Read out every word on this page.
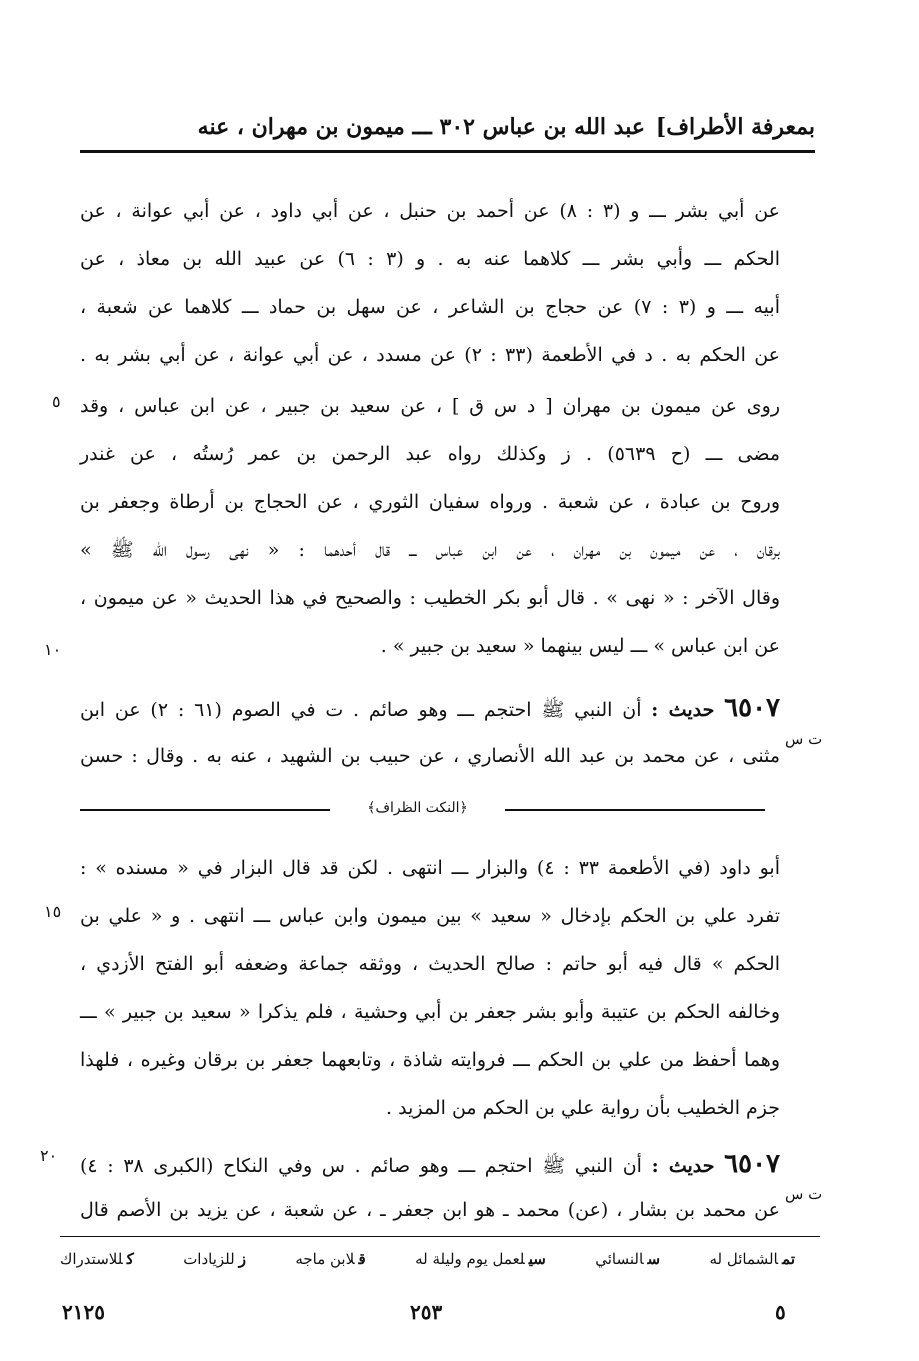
بمعرفة الأطراف]
عبد الله بن عباس ٣٠٢ ـــ ميمون بن مهران ، عنه
عن أبي بشر ـــ و (٣ : ٨) عن أحمد بن حنبل ، عن أبي داود ، عن أبي عوانة ، عن
الحكم ـــ وأبي بشر ـــ كلاهما عنه به . و (٣ : ٦) عن عبيد الله بن معاذ ، عن
أبيه ـــ و (٣ : ٧) عن حجاج بن الشاعر ، عن سهل بن حماد ـــ كلاهما عن شعبة ،
عن الحكم به . د في الأطعمة (٣٣ : ٢) عن مسدد ، عن أبي عوانة ، عن أبي بشر به .
روى عن ميمون بن مهران [ د س ق ] ، عن سعيد بن جبير ، عن ابن عباس ، وقد
مضى ـــ (ح ٥٦٣٩) . ز وكذلك رواه عبد الرحمن بن عمر رُستُه ، عن غندر
وروح بن عبادة ، عن شعبة . ورواه سفيان الثوري ، عن الحجاج بن أرطاة وجعفر بن
برقان ، عن ميمون بن مهران ، عن ابن عباس ـــ قال أحدهما : « نهى رسول الله ﷺ »
وقال الآخر : « نهى » . قال أبو بكر الخطيب : والصحيح في هذا الحديث « عن ميمون ،
عن ابن عباس » ـــ ليس بينهما « سعيد بن جبير » .
٦٥٠٧ حديث : أن النبي ﷺ احتجم ـــ وهو صائم . ت في الصوم (٦١ : ٢) عن ابن
مثنى ، عن محمد بن عبد الله الأنصاري ، عن حبيب بن الشهيد ، عنه به . وقال : حسن
ت س
﴿النكت الظراف﴾
أبو داود (في الأطعمة ٣٣ : ٤) والبزار ـــ انتهى . لكن قد قال البزار في « مسنده » :
تفرد علي بن الحكم بإدخال « سعيد » بين ميمون وابن عباس ـــ انتهى . و « علي بن
الحكم » قال فيه أبو حاتم : صالح الحديث ، ووثقه جماعة وضعفه أبو الفتح الأزدي ،
وخالفه الحكم بن عتيبة وأبو بشر جعفر بن أبي وحشية ، فلم يذكرا « سعيد بن جبير » ـــ
وهما أحفظ من علي بن الحكم ـــ فروايته شاذة ، وتابعهما جعفر بن برقان وغيره ، فلهذا
جزم الخطيب بأن رواية علي بن الحكم من المزيد .
٦٥٠٧ حديث : أن النبي ﷺ احتجم ـــ وهو صائم . س وفي النكاح (الكبرى ٣٨ : ٤)
عن محمد بن بشار ، (عن) محمد ـ هو ابن جعفر ـ ، عن شعبة ، عن يزيد بن الأصم قال
ت س
٥
١٠
١٥
٢٠
تمالشمائل له
سالنسائي
سيلعمل يوم وليلة له
قلابن ماجه
زللزيادات
كللاستدراك
٥
٢٥٣
٢١٢٥
